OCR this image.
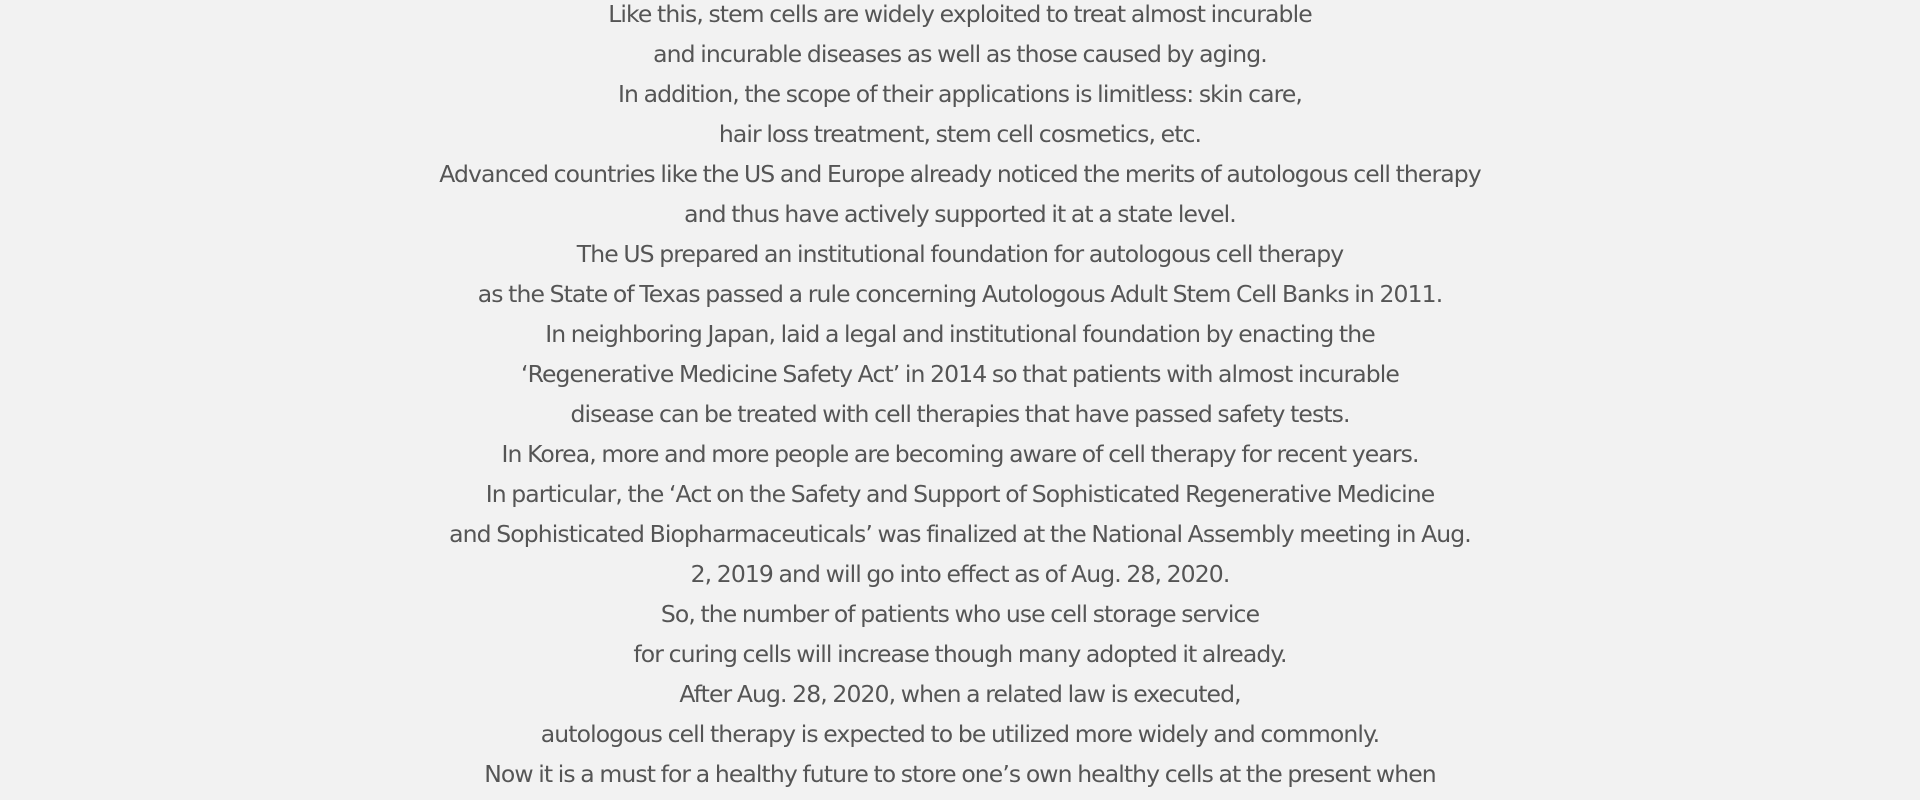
Like this, stem cells are widely exploited to treat almost incurable
and incurable diseases as well as those caused by aging.
In addition, the scope of their applications is limitless: skin care,
hair loss treatment, stem cell cosmetics, etc.
Advanced countries like the US and Europe already noticed the merits of autologous cell therapy
and thus have actively supported it at a state level.
The US prepared an institutional foundation for autologous cell therapy
as the State of Texas passed a rule concerning Autologous Adult Stem Cell Banks in 2011.
In neighboring Japan, laid a legal and institutional foundation by enacting the
‘Regenerative Medicine Safety Act’ in 2014 so that patients with almost incurable
disease can be treated with cell therapies that have passed safety tests.
In Korea, more and more people are becoming aware of cell therapy for recent years.
In particular, the ‘Act on the Safety and Support of Sophisticated Regenerative Medicine
and Sophisticated Biopharmaceuticals’ was finalized at the National Assembly meeting in Aug.
2, 2019 and will go into effect as of Aug. 28, 2020.
So, the number of patients who use cell storage service
for curing cells will increase though many adopted it already.
After Aug. 28, 2020, when a related law is executed,
autologous cell therapy is expected to be utilized more widely and commonly.
Now it is a must for a healthy future to store one’s own healthy cells at the present when
